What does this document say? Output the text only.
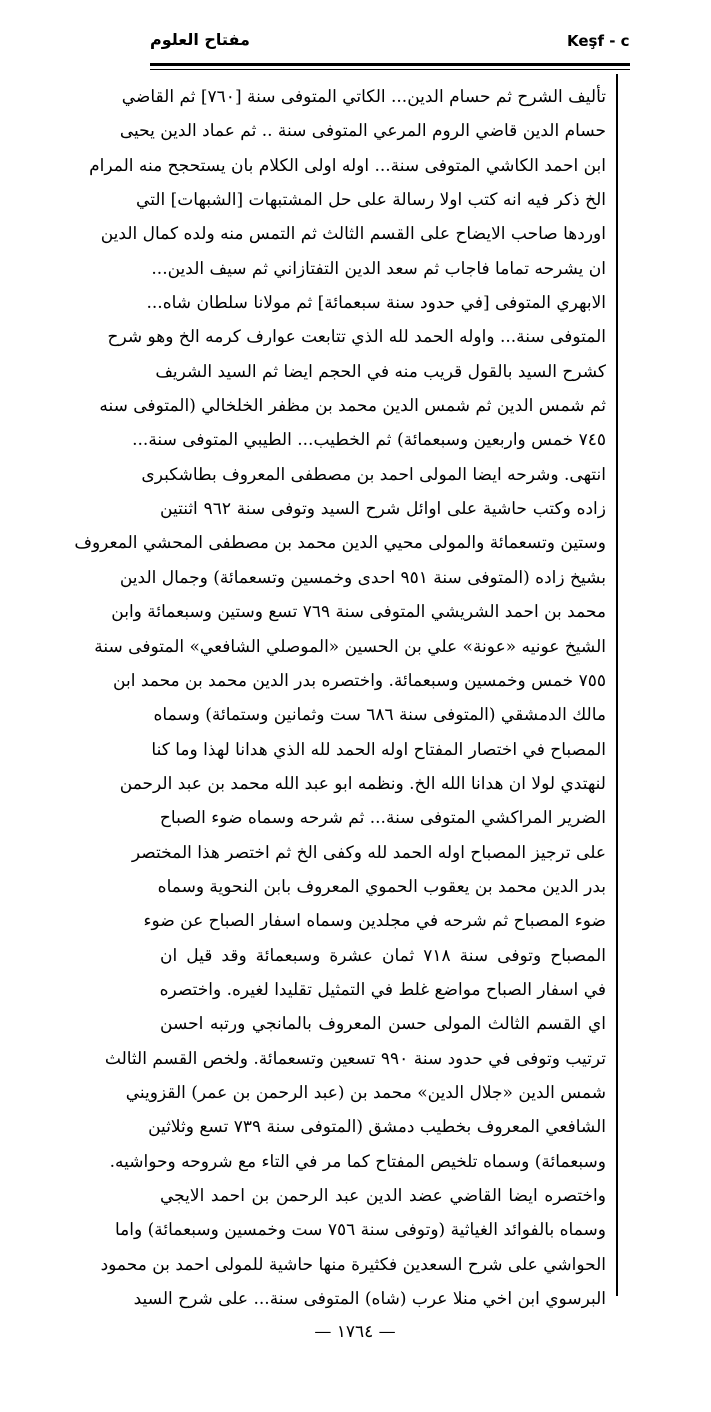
مفتاح العلوم	Keşf - c
تأليف الشرح ثم حسام الدين... الكاتي المتوفى سنة [٧٦٠] ثم القاضي
حسام الدين قاضي الروم المرعي المتوفى سنة .. ثم عماد الدين يحيى
ابن احمد الكاشي المتوفى سنة... اوله اولى الكلام بان يستحجح منه المرام
الخ ذكر فيه انه كتب اولا رسالة على حل المشتبهات [الشبهات] التي
اوردها صاحب الايضاح على القسم الثالث ثم التمس منه ولده كمال الدين
ان يشرحه تماما فاجاب ثم سعد الدين التفتازاني ثم سيف الدين...
الابهري المتوفى [في حدود سنة سبعمائة] ثم مولانا سلطان شاه...
المتوفى سنة... واوله الحمد لله الذي تتابعت عوارف كرمه الخ وهو شرح
كشرح السيد بالقول قريب منه في الحجم ايضا ثم السيد الشريف
ثم شمس الدين ثم شمس الدين محمد بن مظفر الخلخالي (المتوفى سنه
٧٤٥ خمس واربعين وسبعمائة) ثم الخطيب... الطيبي المتوفى سنة...
انتهى. وشرحه ايضا المولى احمد بن مصطفى المعروف بطاشكبرى
زاده وكتب حاشية على اوائل شرح السيد وتوفى سنة ٩٦٢ اثنتين
وستين وتسعمائة والمولى محيي الدين محمد بن مصطفى المحشي المعروف
بشيخ زاده (المتوفى سنة ٩٥١ احدى وخمسين وتسعمائة) وجمال الدين
محمد بن احمد الشريشي المتوفى سنة ٧٦٩ تسع وستين وسبعمائة وابن
الشيخ عونيه «عونة» علي بن الحسين «الموصلي الشافعي» المتوفى سنة
٧٥٥ خمس وخمسين وسبعمائة. واختصره بدر الدين محمد بن محمد ابن
مالك الدمشقي (المتوفى سنة ٦٨٦ ست وثمانين وستمائة) وسماه
المصباح في اختصار المفتاح اوله الحمد لله الذي هدانا لهذا وما كنا
لنهتدي لولا ان هدانا الله الخ. ونظمه ابو عبد الله محمد بن عبد الرحمن
الضرير المراكشي المتوفى سنة... ثم شرحه وسماه ضوء الصباح
على ترجيز المصباح اوله الحمد لله وكفى الخ ثم اختصر هذا المختصر
بدر الدين محمد بن يعقوب الحموي المعروف بابن النحوية وسماه
ضوء المصباح ثم شرحه في مجلدين وسماه اسفار الصباح عن ضوء
المصباح وتوفى سنة ٧١٨ ثمان عشرة وسبعمائة وقد قيل ان
في اسفار الصباح مواضع غلط في التمثيل تقليدا لغيره. واختصره
اي القسم الثالث المولى حسن المعروف بالمانجي ورتبه احسن
ترتيب وتوفى في حدود سنة ٩٩٠ تسعين وتسعمائة. ولخص القسم الثالث
شمس الدين «جلال الدين» محمد بن (عبد الرحمن بن عمر) القزويني
الشافعي المعروف بخطيب دمشق (المتوفى سنة ٧٣٩ تسع وثلاثين
وسبعمائة) وسماه تلخيص المفتاح كما مر في التاء مع شروحه وحواشيه.
واختصره ايضا القاضي عضد الدين عبد الرحمن بن احمد الايجي
وسماه بالفوائد الغياثية (وتوفى سنة ٧٥٦ ست وخمسين وسبعمائة) واما
الحواشي على شرح السعدين فكثيرة منها حاشية للمولى احمد بن محمود
البرسوي ابن اخي منلا عرب (شاه) المتوفى سنة... على شرح السيد
— ١٧٦٤ —
